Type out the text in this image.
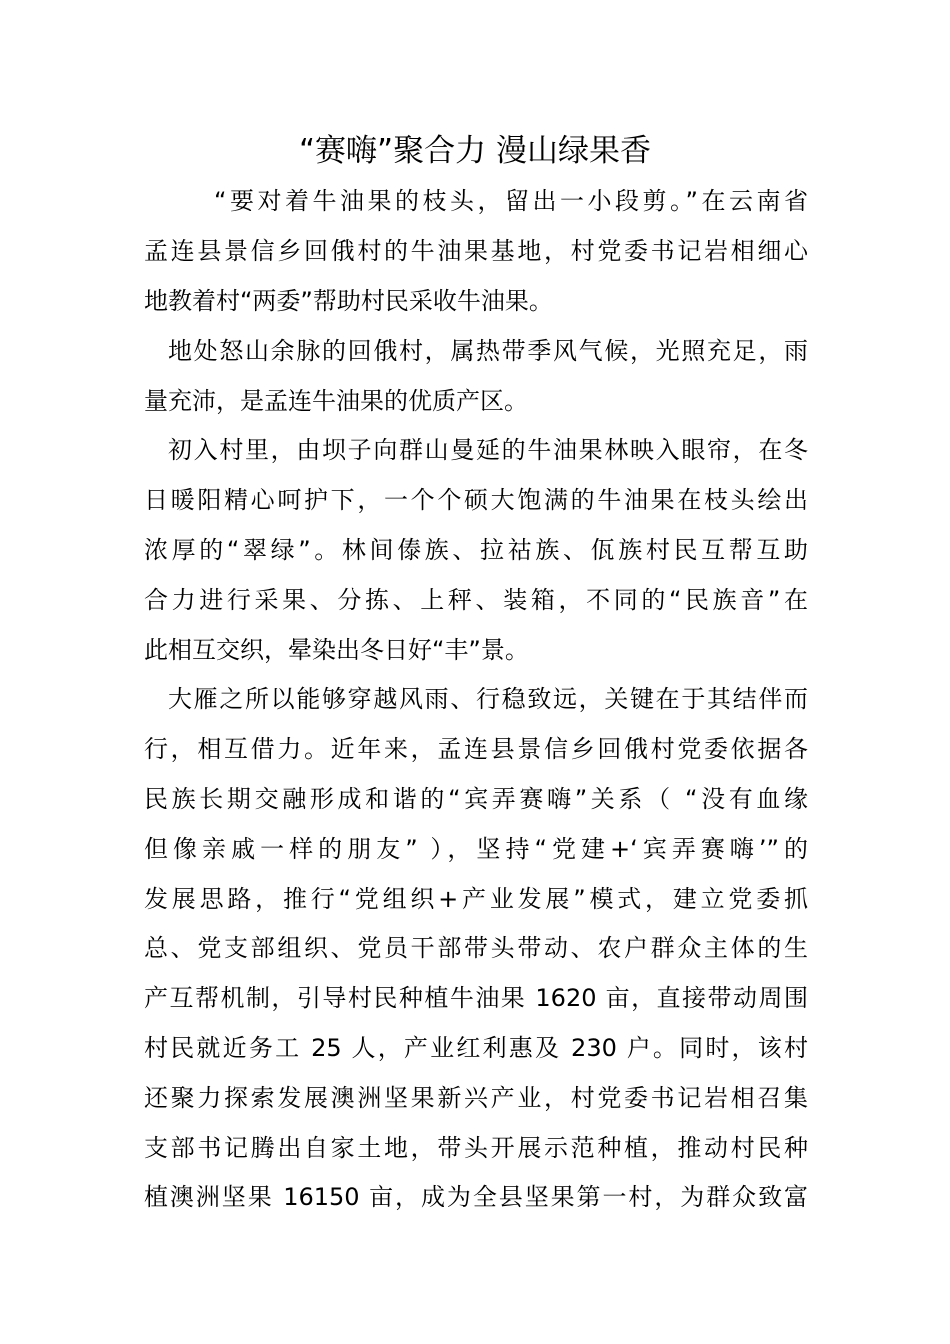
“赛嗨”聚合力 漫山绿果香
“要对着牛油果的枝头，留出一小段剪。”在云南省
孟连县景信乡回俄村的牛油果基地，村党委书记岩相细心
地教着村“两委”帮助村民采收牛油果。
地处怒山余脉的回俄村，属热带季风气候，光照充足，雨
量充沛，是孟连牛油果的优质产区。
初入村里，由坝子向群山曼延的牛油果林映入眼帘，在冬
日暖阳精心呵护下，一个个硕大饱满的牛油果在枝头绘出
浓厚的“翠绿”。林间傣族、拉祜族、佤族村民互帮互助
合力进行采果、分拣、上秤、装箱，不同的“民族音”在
此相互交织，晕染出冬日好“丰”景。
大雁之所以能够穿越风雨、行稳致远，关键在于其结伴而
行，相互借力。近年来，孟连县景信乡回俄村党委依据各
民族长期交融形成和谐的“宾弄赛嗨”关系（ “没有血缘
但像亲戚一样的朋友” ），坚持“党建+‘宾弄赛嗨’”的
发展思路，推行“党组织+产业发展”模式，建立党委抓
总、党支部组织、党员干部带头带动、农户群众主体的生
产互帮机制，引导村民种植牛油果 1620 亩，直接带动周围
村民就近务工 25 人，产业红利惠及 230 户。同时，该村
还聚力探索发展澳洲坚果新兴产业，村党委书记岩相召集
支部书记腾出自家土地，带头开展示范种植，推动村民种
植澳洲坚果 16150 亩，成为全县坚果第一村，为群众致富
